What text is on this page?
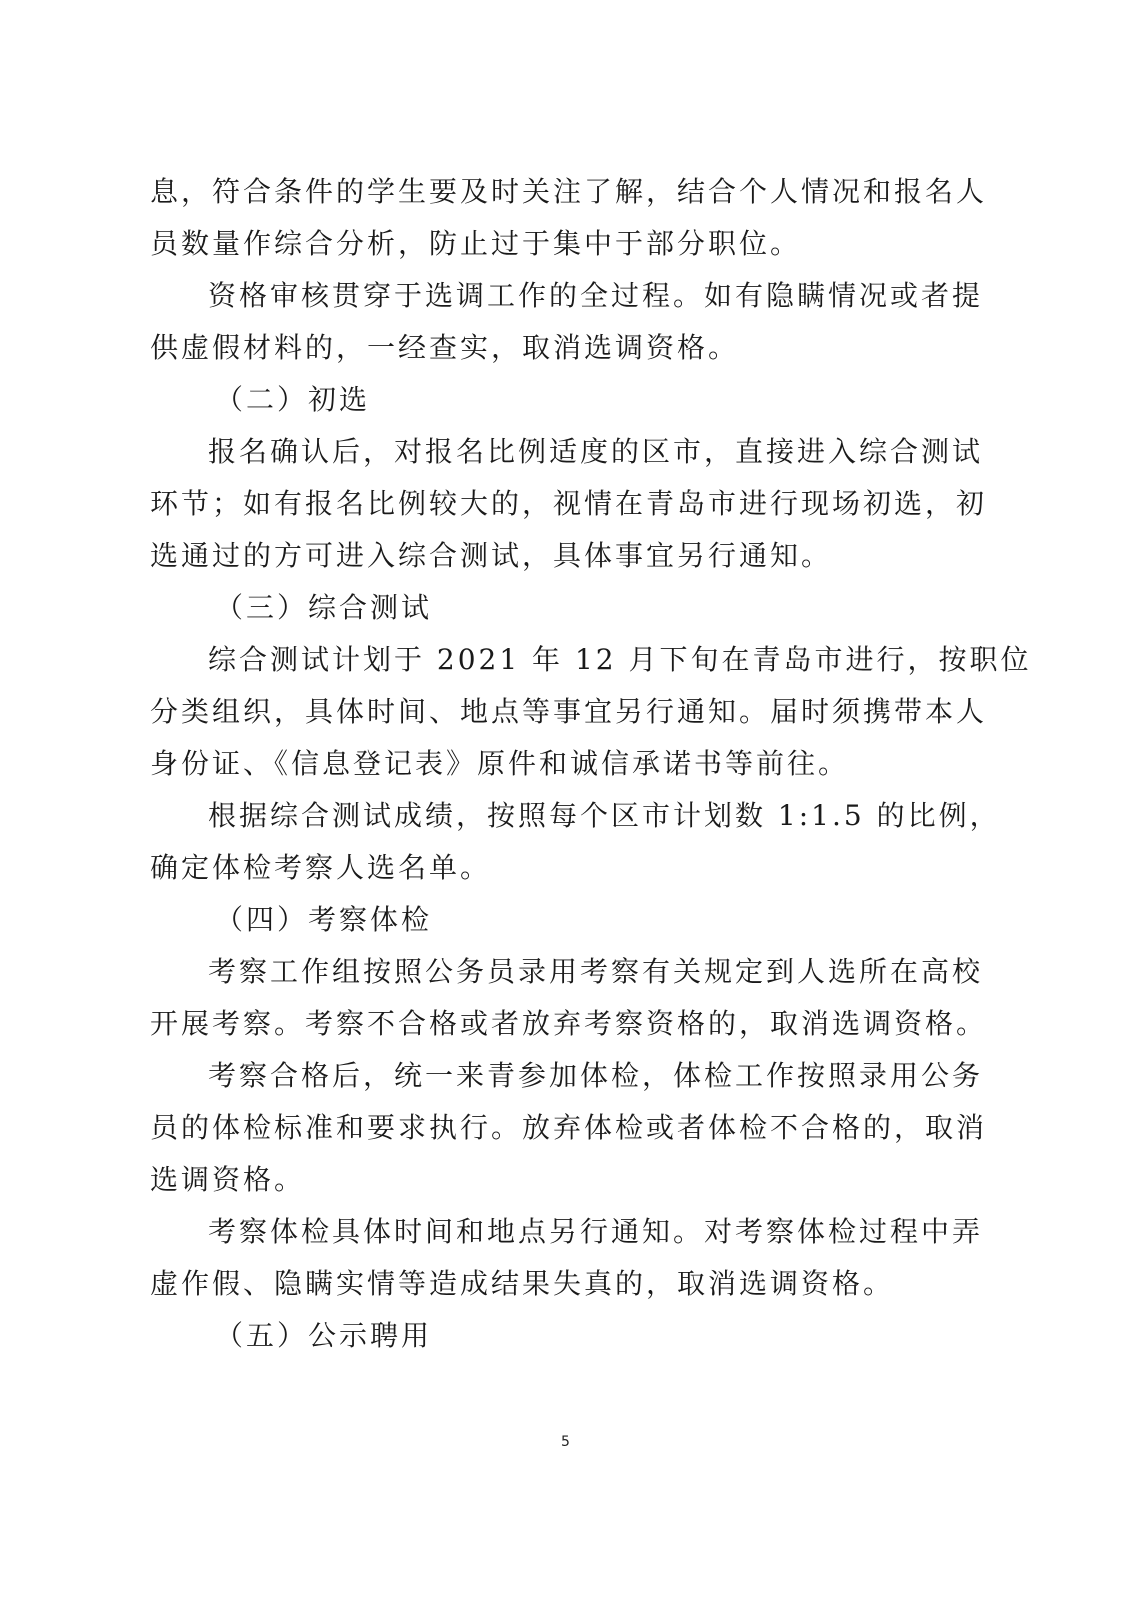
息，符合条件的学生要及时关注了解，结合个人情况和报名人
员数量作综合分析，防止过于集中于部分职位。
资格审核贯穿于选调工作的全过程。如有隐瞒情况或者提
供虚假材料的，一经查实，取消选调资格。
（二）初选
报名确认后，对报名比例适度的区市，直接进入综合测试
环节；如有报名比例较大的，视情在青岛市进行现场初选，初
选通过的方可进入综合测试，具体事宜另行通知。
（三）综合测试
综合测试计划于 2021 年 12 月下旬在青岛市进行，按职位
分类组织，具体时间、地点等事宜另行通知。届时须携带本人
身份证、《信息登记表》原件和诚信承诺书等前往。
根据综合测试成绩，按照每个区市计划数 1:1.5 的比例，
确定体检考察人选名单。
（四）考察体检
考察工作组按照公务员录用考察有关规定到人选所在高校
开展考察。考察不合格或者放弃考察资格的，取消选调资格。
考察合格后，统一来青参加体检，体检工作按照录用公务
员的体检标准和要求执行。放弃体检或者体检不合格的，取消
选调资格。
考察体检具体时间和地点另行通知。对考察体检过程中弄
虚作假、隐瞒实情等造成结果失真的，取消选调资格。
（五）公示聘用
5
